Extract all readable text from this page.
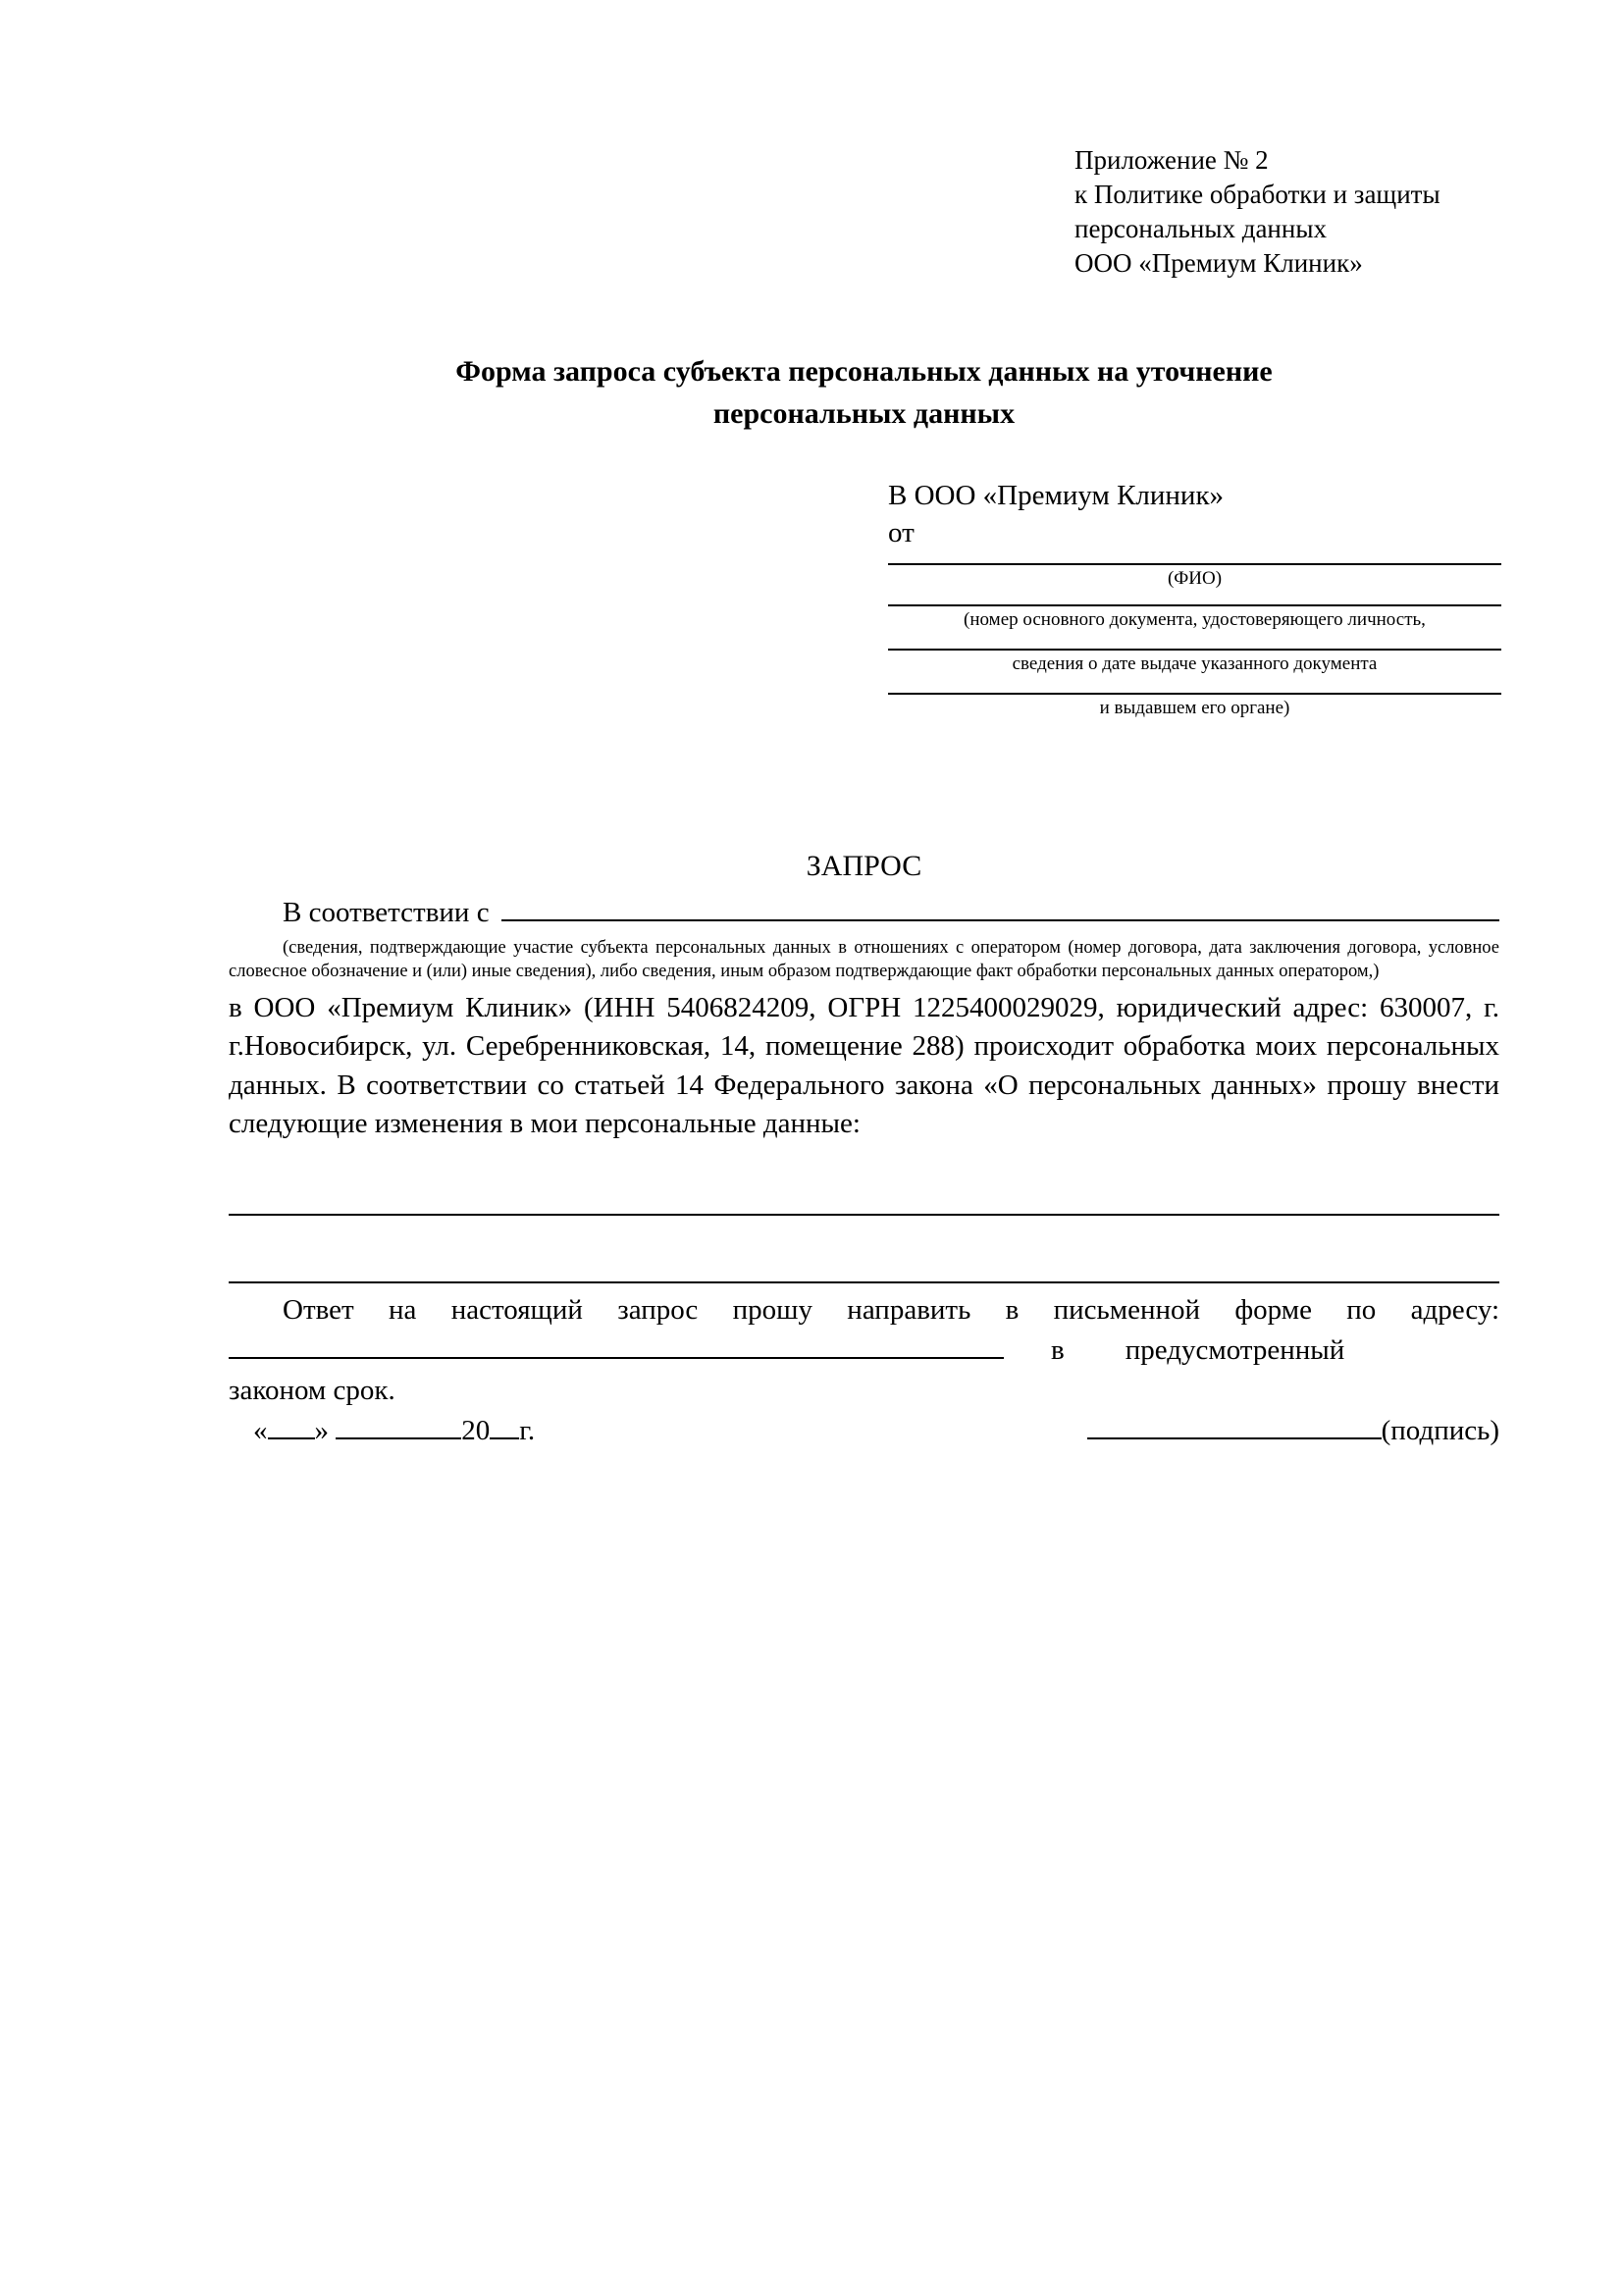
Приложение № 2
к Политике обработки и защиты
персональных данных
ООО «Премиум Клиник»
Форма запроса субъекта персональных данных на уточнение
персональных данных
В ООО «Премиум Клиник»
от
(ФИО)
(номер основного документа, удостоверяющего личность,
сведения о дате выдаче указанного документа
и выдавшем его органе)
ЗАПРОС
В соответствии с
(сведения, подтверждающие участие субъекта персональных данных в отношениях с оператором (номер договора, дата заключения договора, условное словесное обозначение и (или) иные сведения), либо сведения, иным образом подтверждающие факт обработки персональных данных оператором,)
в ООО «Премиум Клиник» (ИНН 5406824209, ОГРН 1225400029029, юридический адрес: 630007, г. г.Новосибирск, ул. Серебренниковская, 14, помещение 288) происходит обработка моих персональных данных. В соответствии со статьей 14 Федерального закона «О персональных данных» прошу внести следующие изменения в мои персональные данные:
Ответ на настоящий запрос прошу направить в письменной форме по адресу:
в предусмотренный
законом срок.
« »	20 г.	(подпись)
